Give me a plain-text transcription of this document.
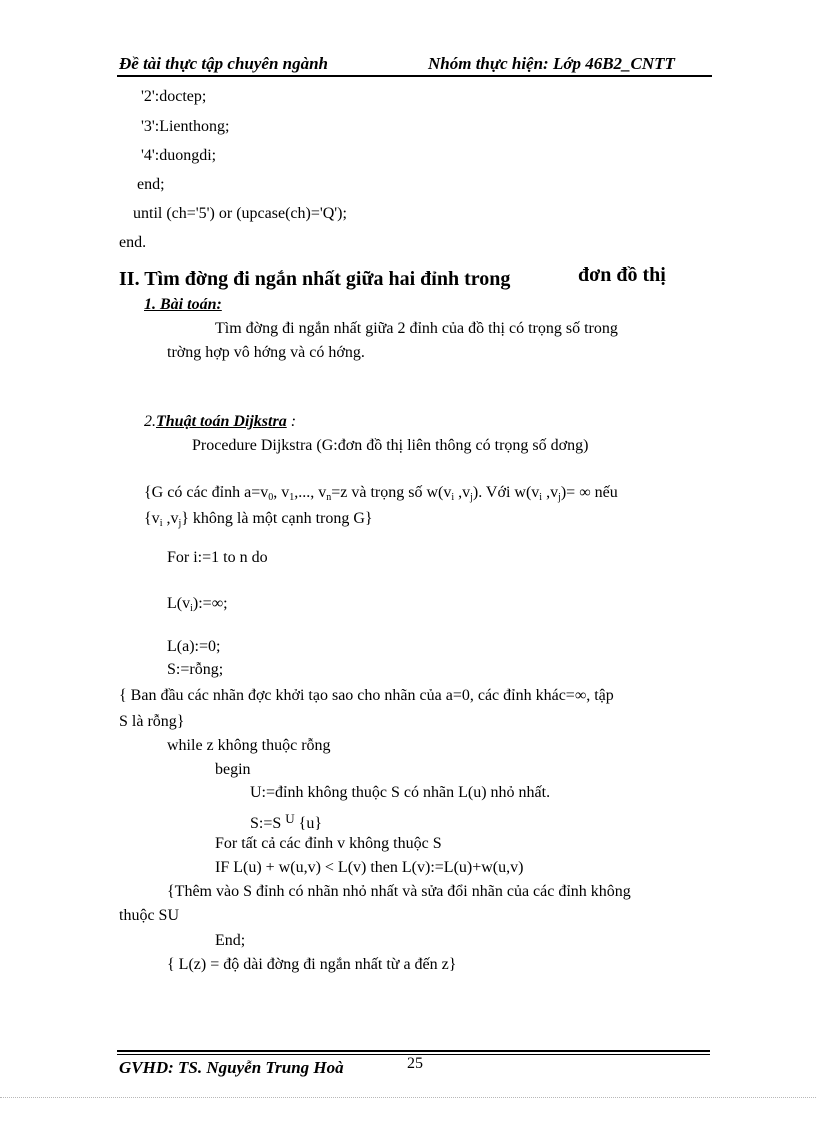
Đề tài thực tập chuyên ngành	Nhóm thực hiện: Lớp 46B2_CNTT
'2':doctep;
'3':Lienthong;
'4':duongdi;
end;
until (ch='5') or (upcase(ch)='Q');
end.
II. Tìm đờng đi ngắn nhất giữa hai đỉnh trong	đơn đồ thị
1. Bài toán:
Tìm đờng đi ngắn nhất giữa 2 đỉnh của đồ thị có trọng số trong
trờng hợp vô hớng và có hớng.
2.Thuật toán Dijkstra :
Procedure Dijkstra (G:đơn đồ thị liên thông có trọng số dơng)
{G có các đỉnh $a=v_0$, $v_1$,..., $v_n=z$ và trọng số $w(v_i$ $,v_j$). Với $w(v_i$ $,v_j)=$ ∞ nếu
{$v_i$ $,v_j$} không là một cạnh trong G}
For i:=1 to n do
$L(v_i):=\infty$;
L(a):=0;
S:=rỗng;
{ Ban đầu các nhãn đợc khởi tạo sao cho nhãn của a=0, các đỉnh khác=∞, tập
S là rỗng}
while z không thuộc rỗng
begin
U:=đỉnh không thuộc S có nhãn L(u) nhỏ nhất.
S:=S $^U$ {u}
For tất cả các đỉnh v không thuộc S
IF L(u) + w(u,v) < L(v) then L(v):=L(u)+w(u,v)
{Thêm vào S đỉnh có nhãn nhỏ nhất và sửa đổi nhãn của các đỉnh không
thuộc SU
End;
{ L(z) = độ dài đờng đi ngắn nhất từ a đến z}
GVHD: TS. Nguyễn Trung Hoà	25
